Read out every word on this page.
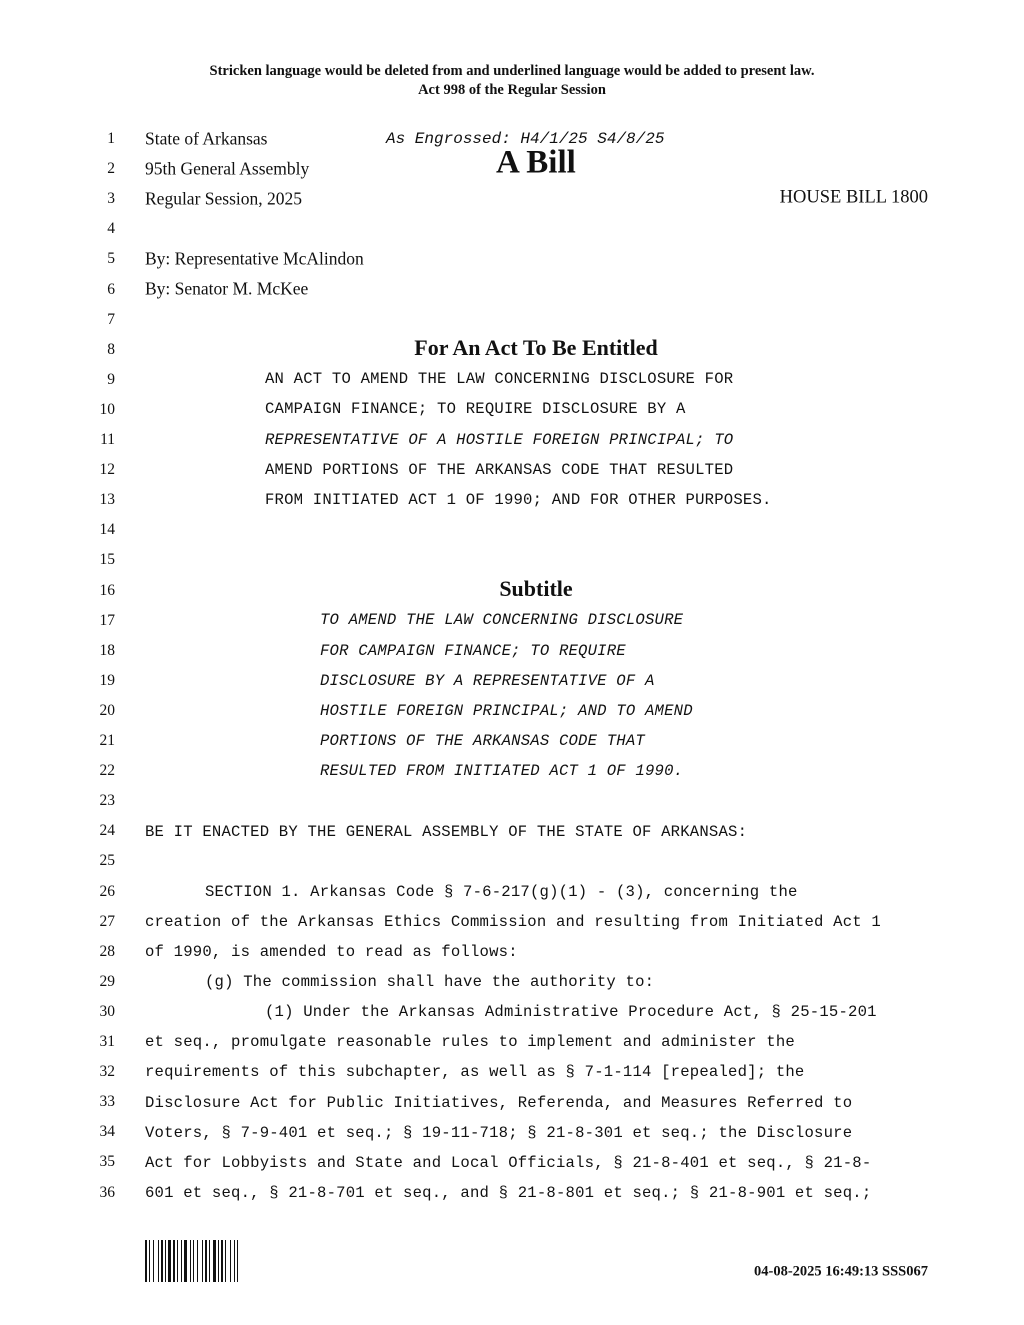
Stricken language would be deleted from and underlined language would be added to present law.
Act 998 of the Regular Session
1
2
3
4
5
6
7
8
9
10
11
12
13
14
15
16
17
18
19
20
21
22
23
24
25
26
27
28
29
30
31
32
33
34
35
36
State of Arkansas	As Engrossed: H4/1/25 S4/8/25
95th General Assembly	A Bill
Regular Session, 2025	HOUSE BILL 1800
By: Representative McAlindon
By: Senator M. McKee
For An Act To Be Entitled
AN ACT TO AMEND THE LAW CONCERNING DISCLOSURE FOR
CAMPAIGN FINANCE; TO REQUIRE DISCLOSURE BY A
REPRESENTATIVE OF A HOSTILE FOREIGN PRINCIPAL; TO
AMEND PORTIONS OF THE ARKANSAS CODE THAT RESULTED
FROM INITIATED ACT 1 OF 1990; AND FOR OTHER PURPOSES.
Subtitle
TO AMEND THE LAW CONCERNING DISCLOSURE
FOR CAMPAIGN FINANCE; TO REQUIRE
DISCLOSURE BY A REPRESENTATIVE OF A
HOSTILE FOREIGN PRINCIPAL; AND TO AMEND
PORTIONS OF THE ARKANSAS CODE THAT
RESULTED FROM INITIATED ACT 1 OF 1990.
BE IT ENACTED BY THE GENERAL ASSEMBLY OF THE STATE OF ARKANSAS:
SECTION 1. Arkansas Code § 7-6-217(g)(1) - (3), concerning the
creation of the Arkansas Ethics Commission and resulting from Initiated Act 1
of 1990, is amended to read as follows:
(g) The commission shall have the authority to:
(1) Under the Arkansas Administrative Procedure Act, § 25-15-201
et seq., promulgate reasonable rules to implement and administer the
requirements of this subchapter, as well as § 7-1-114 [repealed]; the
Disclosure Act for Public Initiatives, Referenda, and Measures Referred to
Voters, § 7-9-401 et seq.; § 19-11-718; § 21-8-301 et seq.; the Disclosure
Act for Lobbyists and State and Local Officials, § 21-8-401 et seq., § 21-8-
601 et seq., § 21-8-701 et seq., and § 21-8-801 et seq.; § 21-8-901 et seq.;
04-08-2025 16:49:13 SSS067
